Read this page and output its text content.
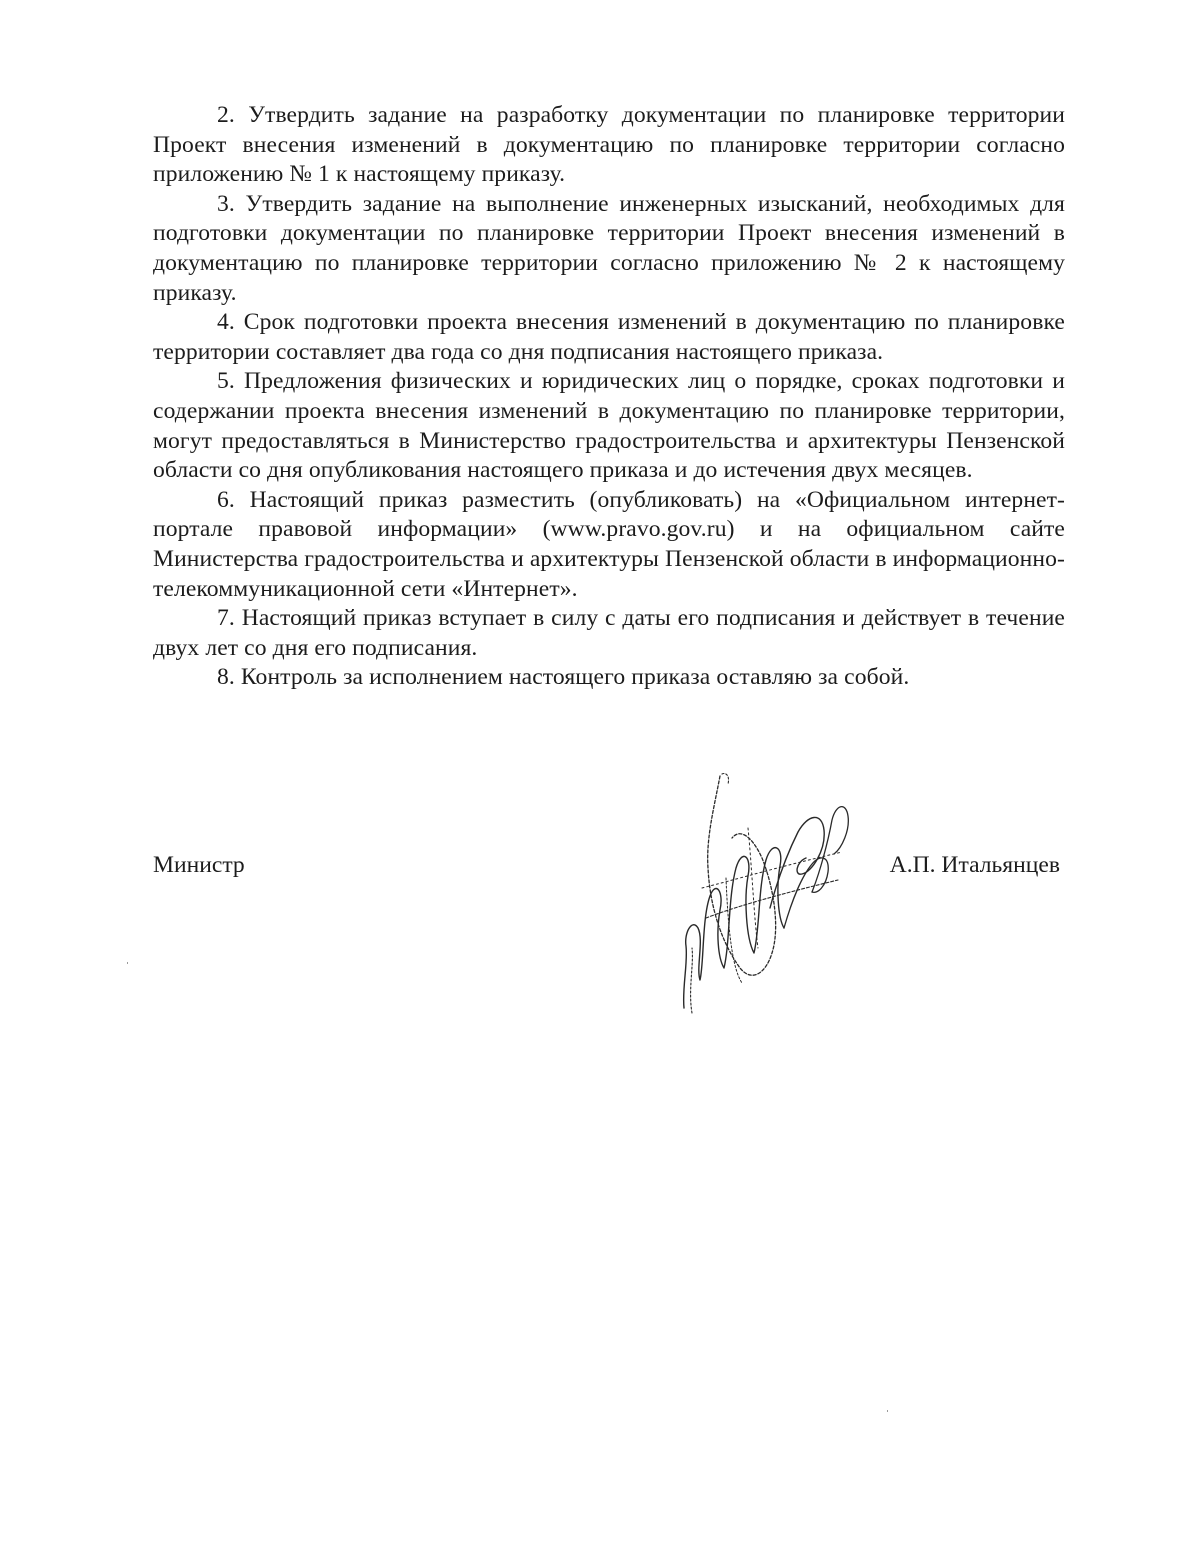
2. Утвердить задание на разработку документации по планировке территории Проект внесения изменений в документацию по планировке территории согласно приложению № 1 к настоящему приказу.

3. Утвердить задание на выполнение инженерных изысканий, необходимых для подготовки документации по планировке территории Проект внесения изменений в документацию по планировке территории согласно приложению № 2 к настоящему приказу.

4. Срок подготовки проекта внесения изменений в документацию по планировке территории составляет два года со дня подписания настоящего приказа.

5. Предложения физических и юридических лиц о порядке, сроках подготовки и содержании проекта внесения изменений в документацию по планировке территории, могут предоставляться в Министерство градостроительства и архитектуры Пензенской области со дня опубликования настоящего приказа и до истечения двух месяцев.

6. Настоящий приказ разместить (опубликовать) на «Официальном интернет-портале правовой информации» (www.pravo.gov.ru) и на официальном сайте Министерства градостроительства и архитектуры Пензенской области в информационно-телекоммуникационной сети «Интернет».

7. Настоящий приказ вступает в силу с даты его подписания и действует в течение двух лет со дня его подписания.

8. Контроль за исполнением настоящего приказа оставляю за собой.

Министр	А.П. Итальянцев
